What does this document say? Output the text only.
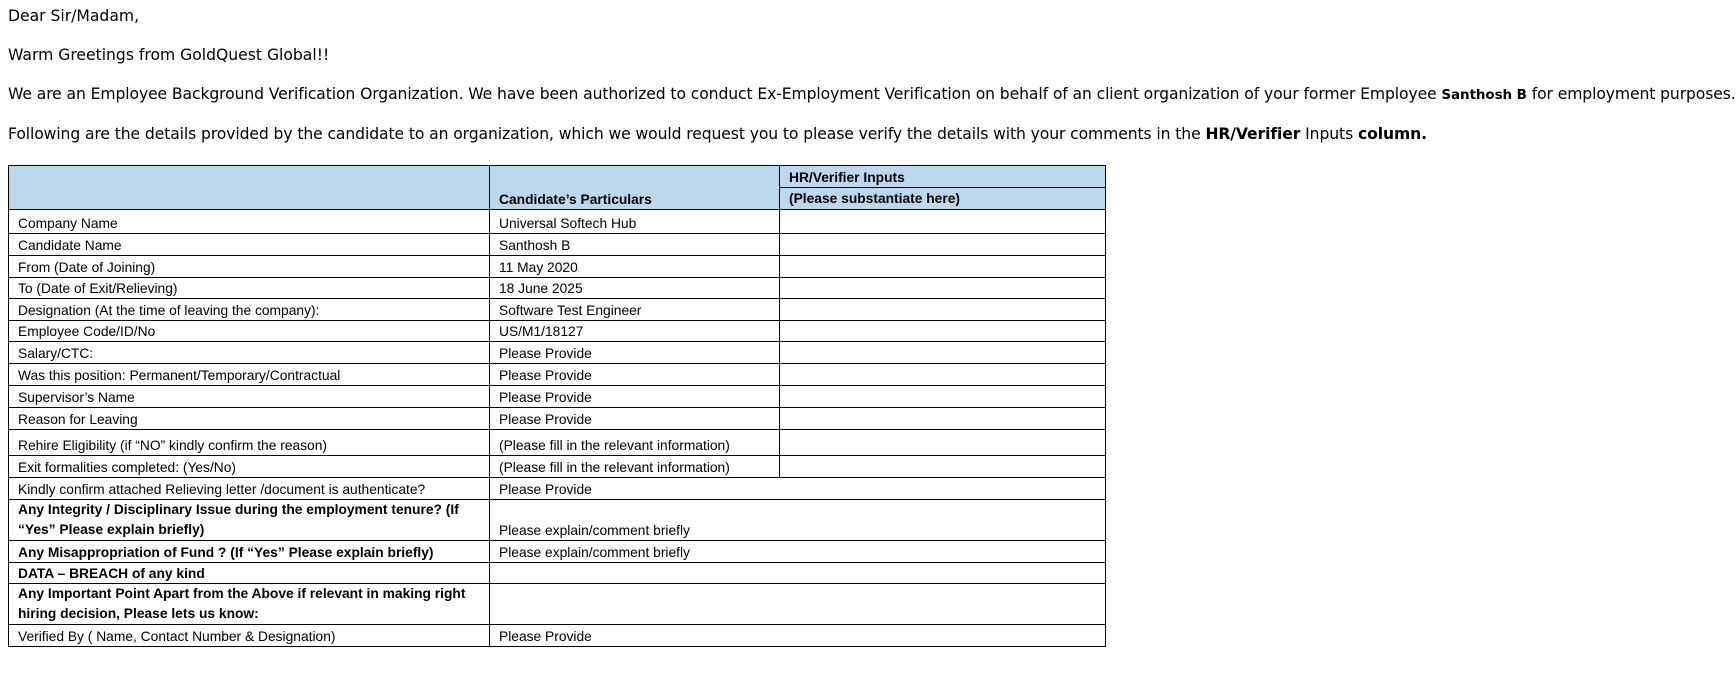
Dear Sir/Madam,

Warm Greetings from GoldQuest Global!!

We are an Employee Background Verification Organization. We have been authorized to conduct Ex-Employment Verification on behalf of an client organization of your former Employee Santhosh B for employment purposes.

Following are the details provided by the candidate to an organization, which we would request you to please verify the details with your comments in the HR/Verifier Inputs column.

	Candidate’s Particulars	HR/Verifier Inputs
		(Please substantiate here)
Company Name	Universal Softech Hub	
Candidate Name	Santhosh B	
From (Date of Joining)	11 May 2020	
To (Date of Exit/Relieving)	18 June 2025	
Designation (At the time of leaving the company):	Software Test Engineer	
Employee Code/ID/No	US/M1/18127	
Salary/CTC:	Please Provide	
Was this position: Permanent/Temporary/Contractual	Please Provide	
Supervisor’s Name	Please Provide	
Reason for Leaving	Please Provide	
Rehire Eligibility (if “NO” kindly confirm the reason)	(Please fill in the relevant information)	
Exit formalities completed: (Yes/No)	(Please fill in the relevant information)	
Kindly confirm attached Relieving letter /document is authenticate?	Please Provide	
Any Integrity / Disciplinary Issue during the employment tenure? (If “Yes” Please explain briefly)	Please explain/comment briefly	
Any Misappropriation of Fund ? (If “Yes” Please explain briefly)	Please explain/comment briefly	
DATA – BREACH of any kind		
Any Important Point Apart from the Above if relevant in making right hiring decision, Please lets us know:		
Verified By ( Name, Contact Number & Designation)	Please Provide	
